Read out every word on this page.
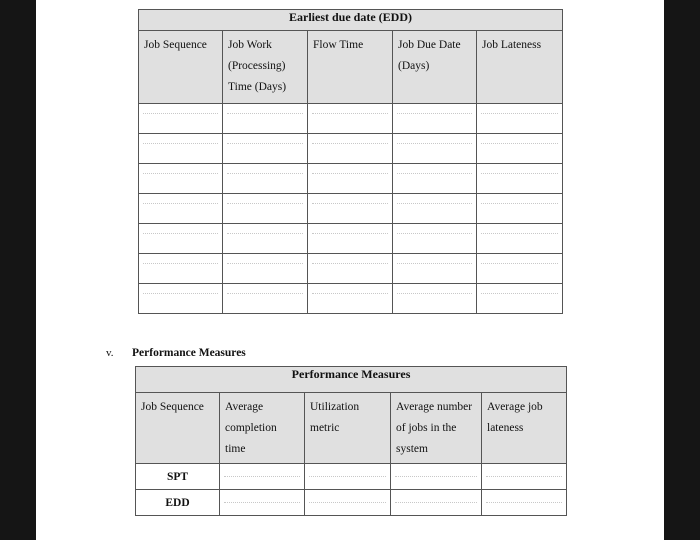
Earliest due date (EDD)				
Job Sequence	Job Work (Processing) Time (Days)	Flow Time	Job Due Date (Days)	Job Lateness

v. Performance Measures
Performance Measures				
Job Sequence	Average completion time	Utilization metric	Average number of jobs in the system	Average job lateness
SPT	

EDD	
